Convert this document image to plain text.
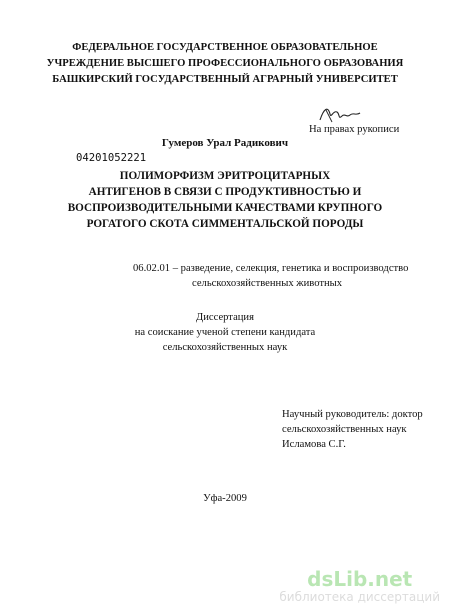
ФЕДЕРАЛЬНОЕ ГОСУДАРСТВЕННОЕ ОБРАЗОВАТЕЛЬНОЕ
УЧРЕЖДЕНИЕ ВЫСШЕГО ПРОФЕССИОНАЛЬНОГО ОБРАЗОВАНИЯ
БАШКИРСКИЙ ГОСУДАРСТВЕННЫЙ АГРАРНЫЙ УНИВЕРСИТЕТ
На правах рукописи
Гумеров Урал Радикович
04201052221
ПОЛИМОРФИЗМ ЭРИТРОЦИТАРНЫХ
АНТИГЕНОВ В СВЯЗИ С ПРОДУКТИВНОСТЬЮ И
ВОСПРОИЗВОДИТЕЛЬНЫМИ КАЧЕСТВАМИ КРУПНОГО
РОГАТОГО СКОТА СИММЕНТАЛЬСКОЙ ПОРОДЫ
06.02.01 – разведение, селекция, генетика и воспроизводство
сельскохозяйственных животных
Диссертация
на соискание ученой степени кандидата
сельскохозяйственных наук
Научный руководитель: доктор
сельскохозяйственных наук
Исламова С.Г.
Уфа-2009
dsLib.net
библиотека диссертаций
